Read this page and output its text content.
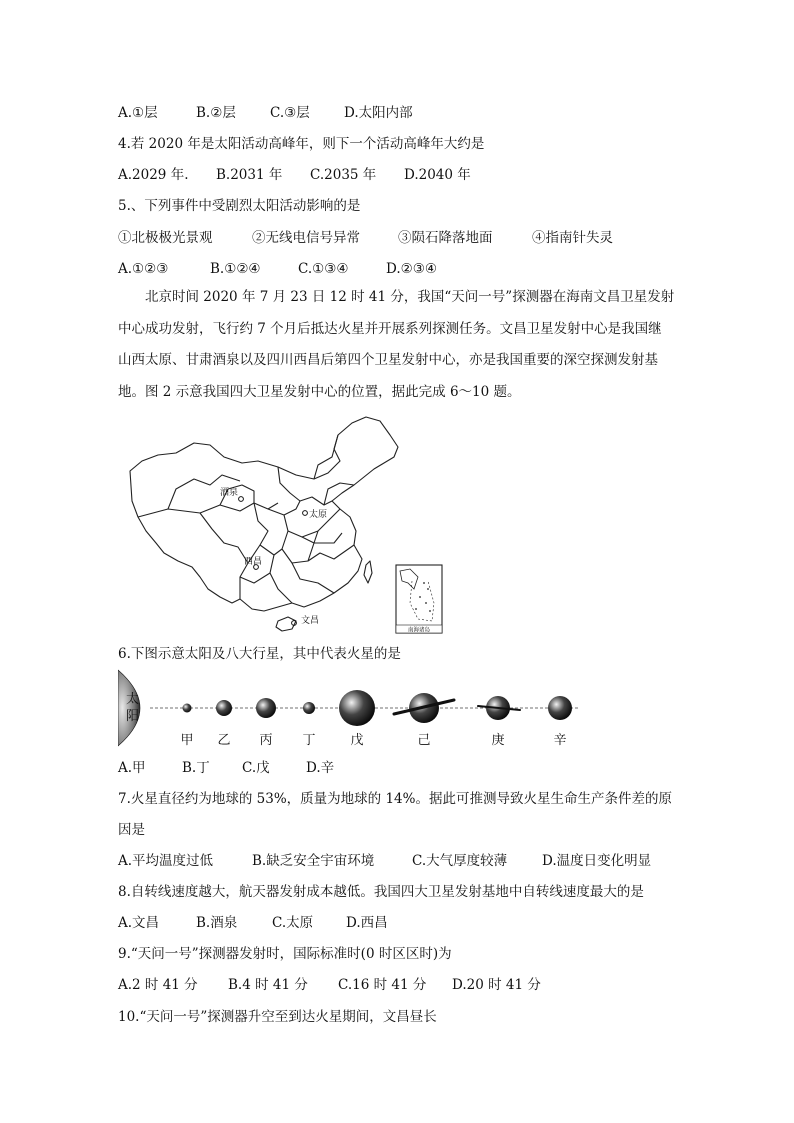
A.①层	B.②层	C.③层	D.太阳内部
4.若 2020 年是太阳活动高峰年，则下一个活动高峰年大约是
A.2029 年. B.2031 年 C.2035 年 D.2040 年
5.、下列事件中受剧烈太阳活动影响的是
①北极极光景观	②无线电信号异常	③陨石降落地面	④指南针失灵
A.①②③	B.①②④	C.①③④	D.②③④
北京时间 2020 年 7 月 23 日 12 时 41 分，我国“天问一号”探测器在海南文昌卫星发射
中心成功发射，飞行约 7 个月后抵达火星并开展系列探测任务。文昌卫星发射中心是我国继
山西太原、甘肃酒泉以及四川西昌后第四个卫星发射中心，亦是我国重要的深空探测发射基
地。图 2 示意我国四大卫星发射中心的位置，据此完成 6～10 题。
南海诸岛
酒泉
太原
西昌
文昌
6.下图示意太阳及八大行星，其中代表火星的是
太
阳
甲 乙 丙 丁	戊	己	庚	辛
A.甲	B.丁 C.戊	D.辛
7.火星直径约为地球的 53%，质量为地球的 14%。据此可推测导致火星生命生产条件差的原
因是
A.平均温度过低	B.缺乏安全宇宙环境	C.大气厚度较薄	D.温度日变化明显
8.自转线速度越大，航天器发射成本越低。我国四大卫星发射基地中自转线速度最大的是
A.文昌	B.酒泉	C.太原 D.西昌
9.“天问一号”探测器发射时，国际标准时(0 时区区时)为
A.2 时 41 分 B.4 时 41 分 C.16 时 41 分 D.20 时 41 分
10.“天问一号”探测器升空至到达火星期间，文昌昼长
